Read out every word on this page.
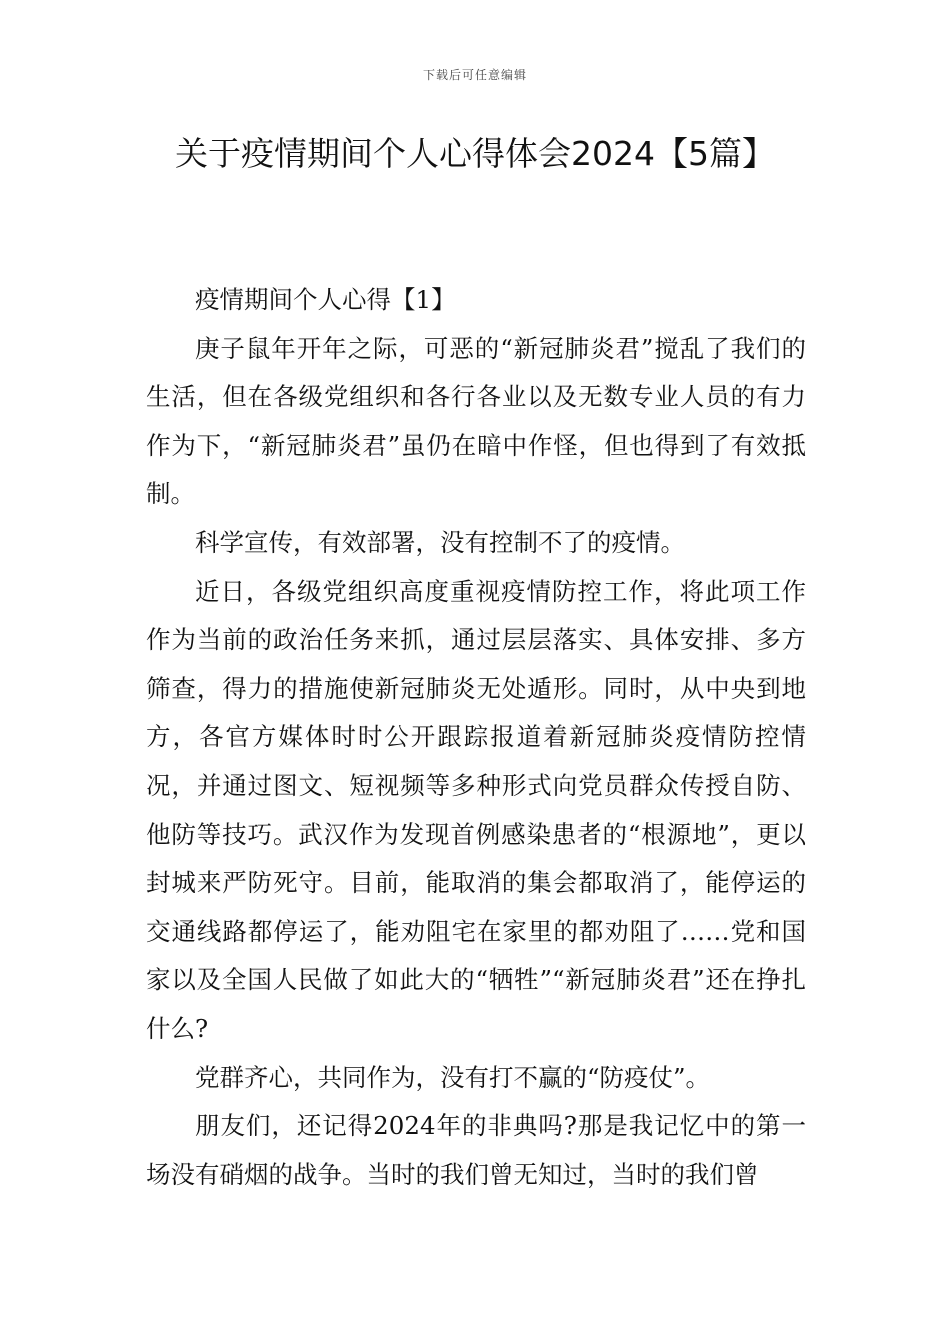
下载后可任意编辑
关于疫情期间个人心得体会2024【5篇】

疫情期间个人心得【1】

庚子鼠年开年之际，可恶的“新冠肺炎君”搅乱了我们的生活，但在各级党组织和各行各业以及无数专业人员的有力作为下，“新冠肺炎君”虽仍在暗中作怪，但也得到了有效抵制。

科学宣传，有效部署，没有控制不了的疫情。

近日，各级党组织高度重视疫情防控工作，将此项工作作为当前的政治任务来抓，通过层层落实、具体安排、多方筛查，得力的措施使新冠肺炎无处遁形。同时，从中央到地方，各官方媒体时时公开跟踪报道着新冠肺炎疫情防控情况，并通过图文、短视频等多种形式向党员群众传授自防、他防等技巧。武汉作为发现首例感染患者的“根源地”，更以封城来严防死守。目前，能取消的集会都取消了，能停运的交通线路都停运了，能劝阻宅在家里的都劝阻了……党和国家以及全国人民做了如此大的“牺牲”“新冠肺炎君”还在挣扎什么?

党群齐心，共同作为，没有打不赢的“防疫仗”。

朋友们，还记得2024年的非典吗?那是我记忆中的第一场没有硝烟的战争。当时的我们曾无知过，当时的我们曾
